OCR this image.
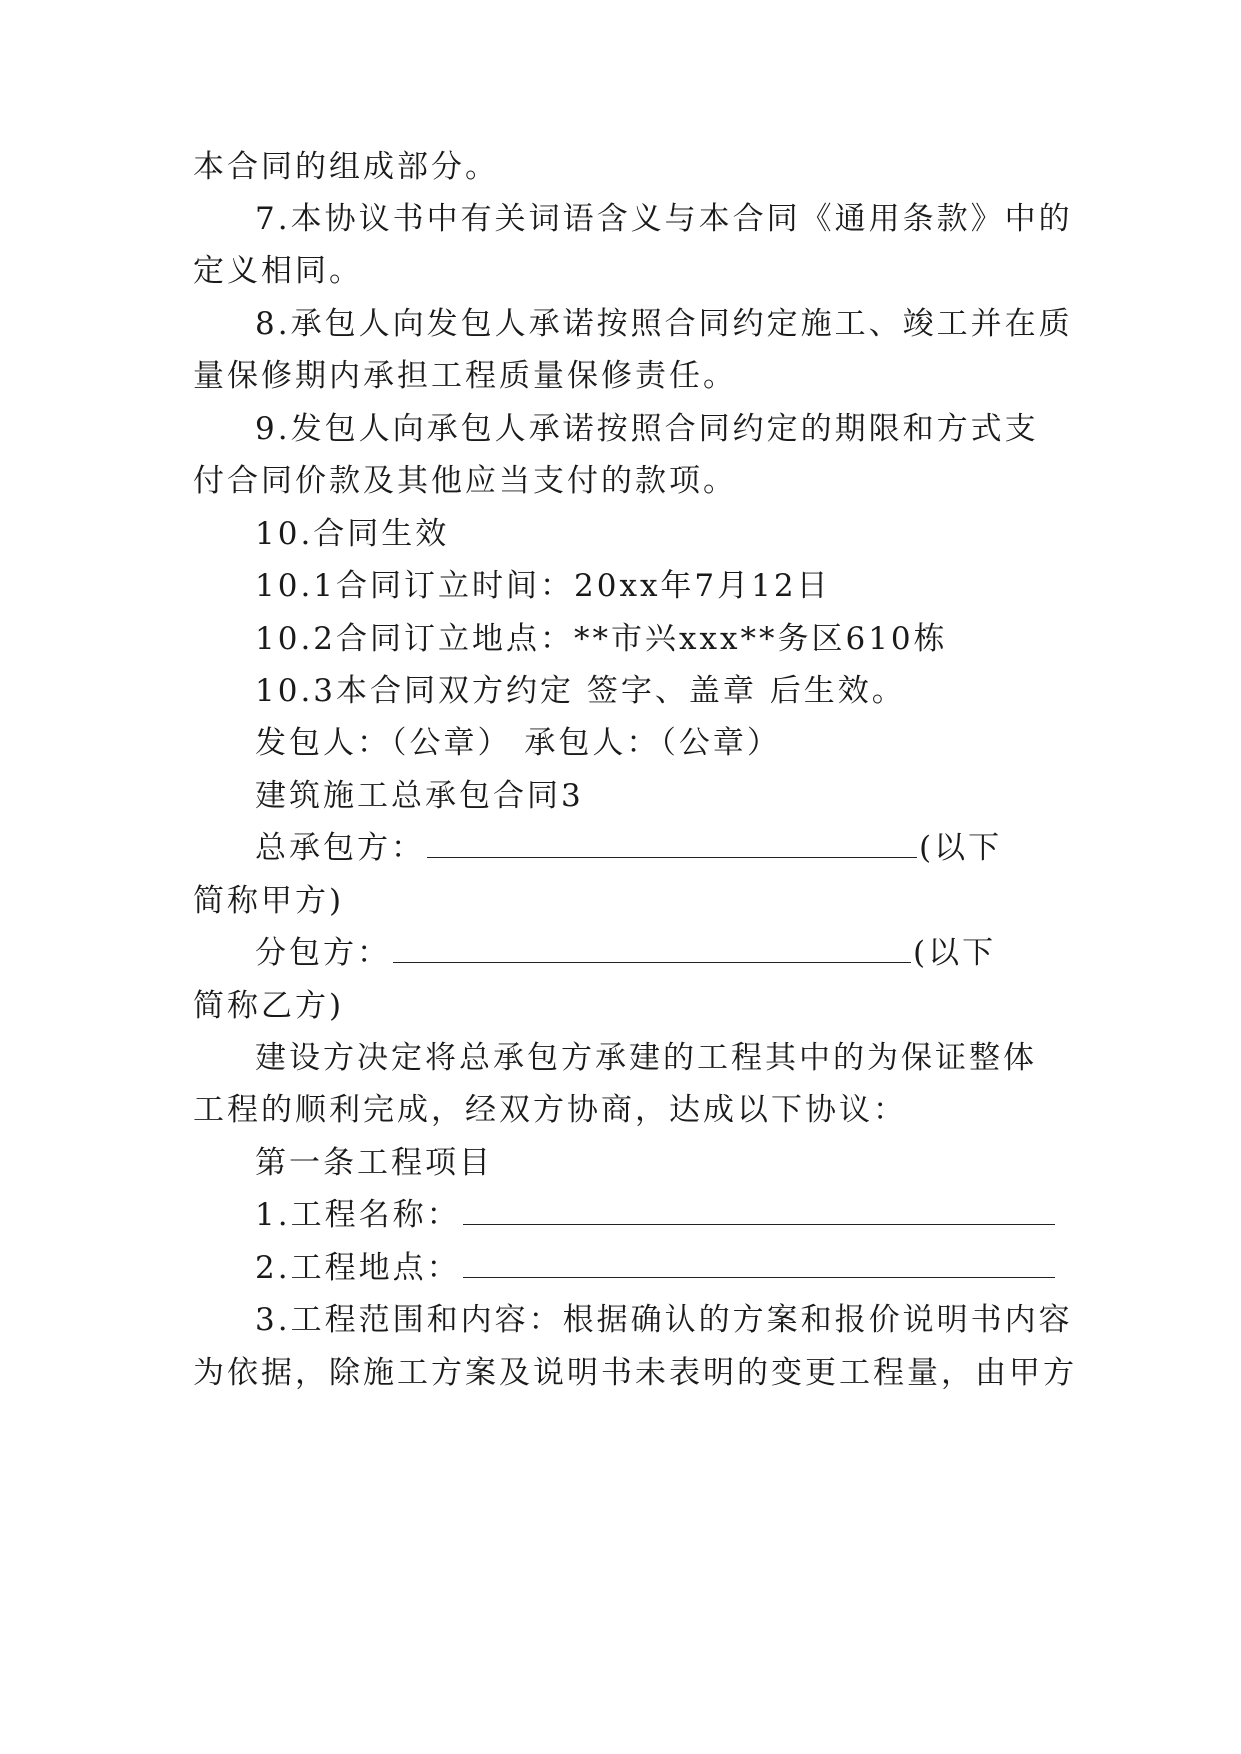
本合同的组成部分。
7.本协议书中有关词语含义与本合同《通用条款》中的
定义相同。
8.承包人向发包人承诺按照合同约定施工、竣工并在质
量保修期内承担工程质量保修责任。
9.发包人向承包人承诺按照合同约定的期限和方式支
付合同价款及其他应当支付的款项。
10.合同生效
10.1合同订立时间：20xx年7月12日
10.2合同订立地点：**市兴xxx**务区610栋
10.3本合同双方约定 签字、盖章 后生效。
发包人：（公章） 承包人：（公章）
建筑施工总承包合同3
总承包方：	(以下
简称甲方)
分包方：	(以下
简称乙方)
建设方决定将总承包方承建的工程其中的为保证整体
工程的顺利完成，经双方协商，达成以下协议：
第一条工程项目
1.工程名称：
2.工程地点：
3.工程范围和内容：根据确认的方案和报价说明书内容
为依据，除施工方案及说明书未表明的变更工程量，由甲方
